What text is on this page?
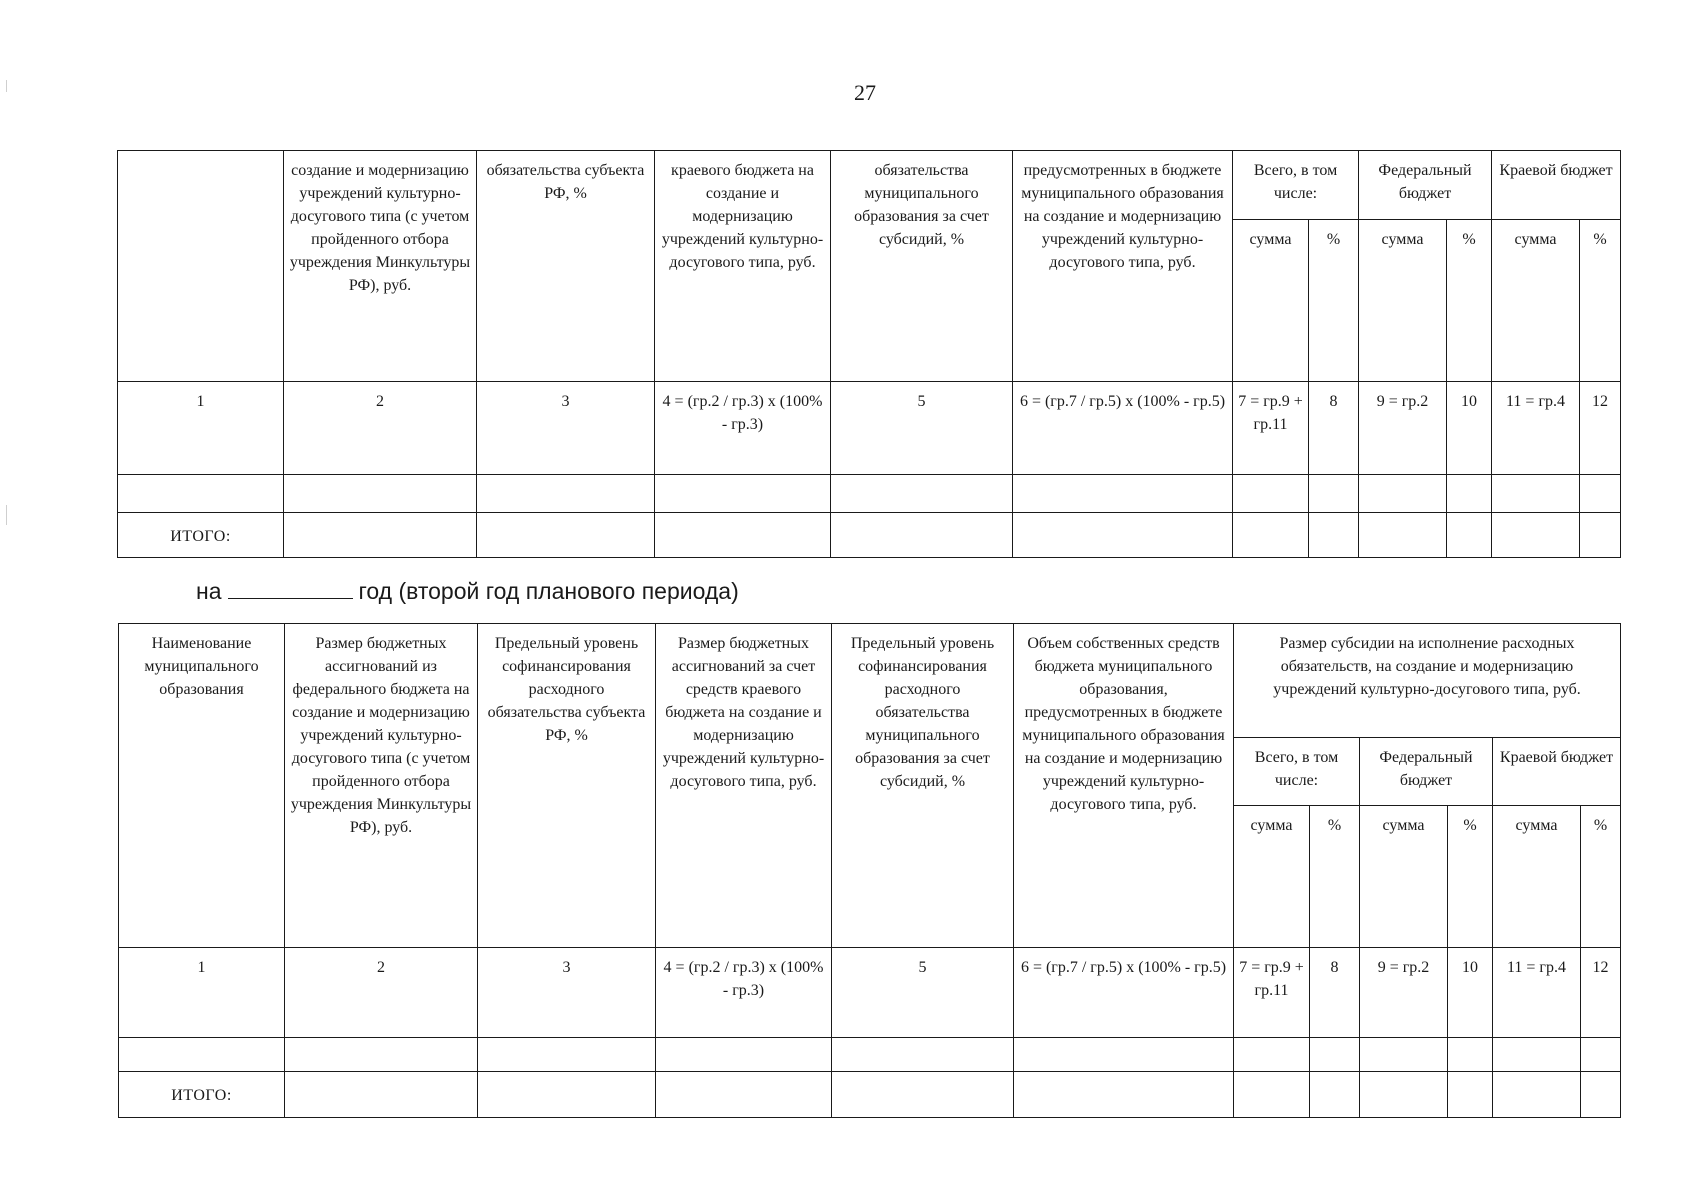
27
	создание и модернизацию учреждений культурно-досугового типа (с учетом пройденного отбора учреждения Минкультуры РФ), руб.	обязательства субъекта РФ, %	краевого бюджета на создание и модернизацию учреждений культурно-досугового типа, руб.	обязательства муниципального образования за счет субсидий, %	предусмотренных в бюджете муниципального образования на создание и модернизацию учреждений культурно-досугового типа, руб.	Всего, в том числе:		Федеральный бюджет		Краевой бюджет	
						сумма	%	сумма	%	сумма	%
1	2	3	4 = (гр.2 / гр.3) х (100% - гр.3)	5	6 = (гр.7 / гр.5) х (100% - гр.5)	7 = гр.9 + гр.11	8	9 = гр.2	10	11 = гр.4	12

ИТОГО:											
на	год (второй год планового периода)
Наименование муниципального образования	Размер бюджетных ассигнований из федерального бюджета на создание и модернизацию учреждений культурно-досугового типа (с учетом пройденного отбора учреждения Минкультуры РФ), руб.	Предельный уровень софинансирования расходного обязательства субъекта РФ, %	Размер бюджетных ассигнований за счет средств краевого бюджета на создание и модернизацию учреждений культурно-досугового типа, руб.	Предельный уровень софинансирования расходного обязательства муниципального образования за счет субсидий, %	Объем собственных средств бюджета муниципального образования, предусмотренных в бюджете муниципального образования на создание и модернизацию учреждений культурно-досугового типа, руб.	Размер субсидии на исполнение расходных обязательств, на создание и модернизацию учреждений культурно-досугового типа, руб.					
						Всего, в том числе:		Федеральный бюджет		Краевой бюджет	
						сумма	%	сумма	%	сумма	%
1	2	3	4 = (гр.2 / гр.3) х (100% - гр.3)	5	6 = (гр.7 / гр.5) х (100% - гр.5)	7 = гр.9 + гр.11	8	9 = гр.2	10	11 = гр.4	12

ИТОГО:											
